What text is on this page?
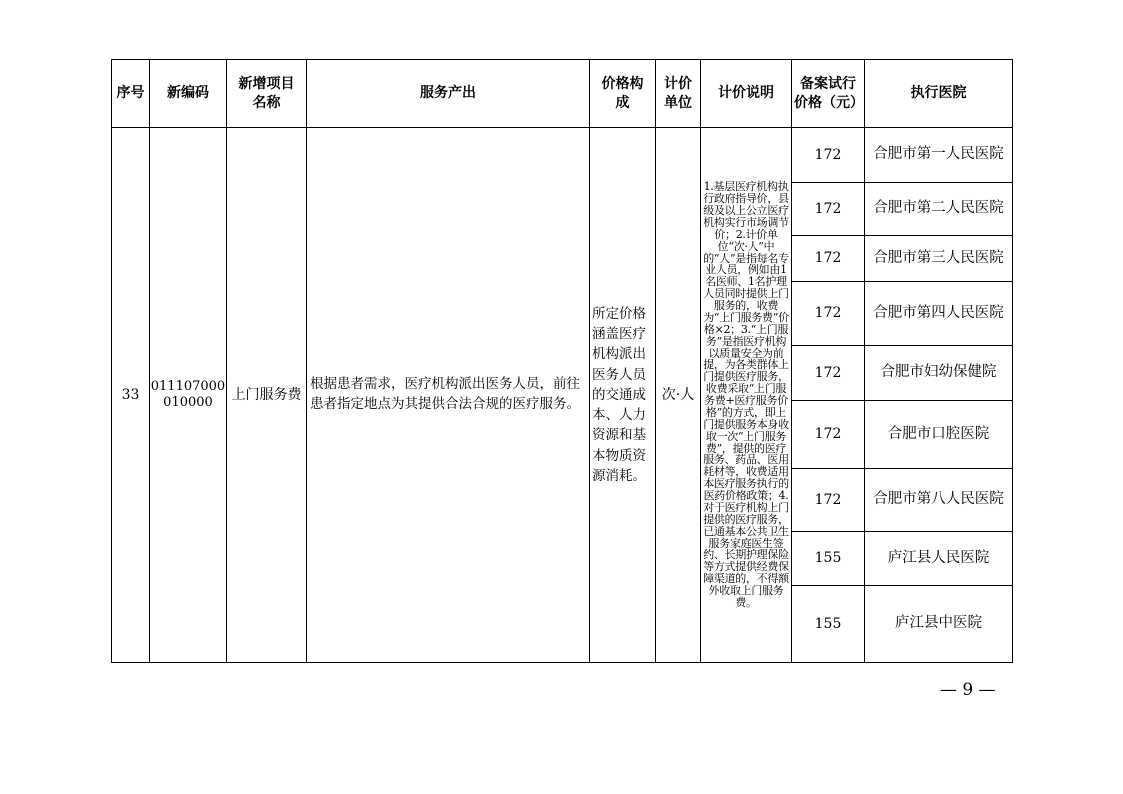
序号	新编码	新增项目名称	服务产出	价格构成	计价单位	计价说明	备案试行价格（元）	执行医院
33	011107000010000	上门服务费	根据患者需求，医疗机构派出医务人员，前往患者指定地点为其提供合法合规的医疗服务。	所定价格涵盖医疗机构派出医务人员的交通成本、人力资源和基本物质资源消耗。	次·人	1.基层医疗机构执行政府指导价，县级及以上公立医疗机构实行市场调节价；2.计价单位“次·人”中的“人”是指每名专业人员，例如由1名医师、1名护理人员同时提供上门服务的，收费为“上门服务费”价格×2；3.“上门服务”是指医疗机构以质量安全为前提，为各类群体上门提供医疗服务，收费采取“上门服务费+医疗服务价格”的方式，即上门提供服务本身收取一次“上门服务费”，提供的医疗服务、药品、医用耗材等，收费适用本医疗服务执行的医药价格政策；4.对于医疗机构上门提供的医疗服务，已通基本公共卫生服务家庭医生签约、长期护理保险等方式提供经费保障渠道的，不得额外收取上门服务费。	172	合肥市第一人民医院
							172	合肥市第二人民医院
							172	合肥市第三人民医院
							172	合肥市第四人民医院
							172	合肥市妇幼保健院
							172	合肥市口腔医院
							172	合肥市第八人民医院
							155	庐江县人民医院
							155	庐江县中医院
— 9 —
